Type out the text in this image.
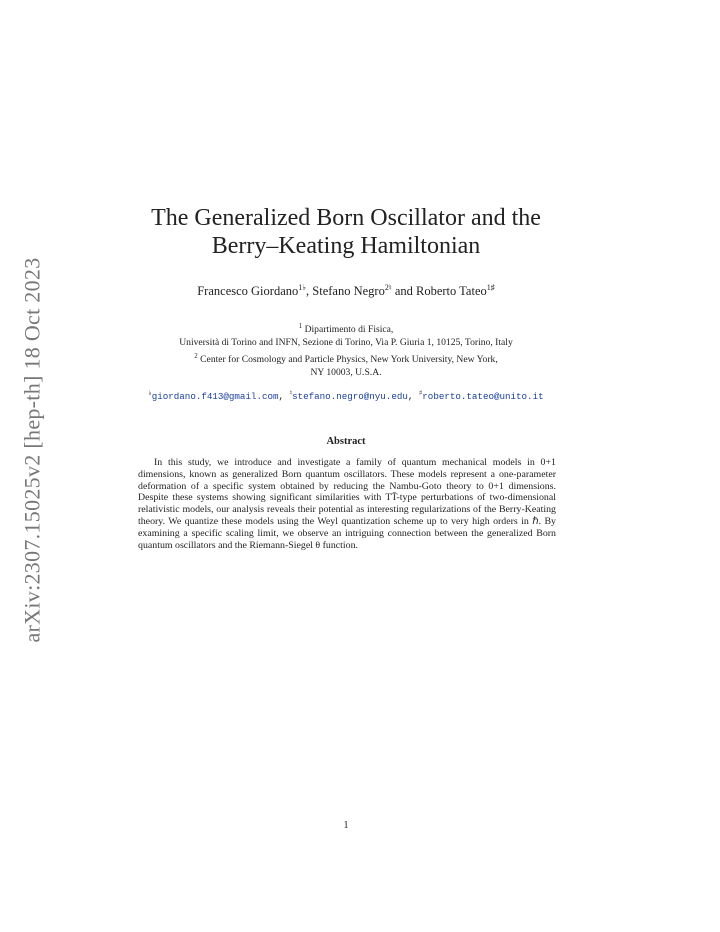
arXiv:2307.15025v2 [hep-th] 18 Oct 2023
The Generalized Born Oscillator and the
Berry–Keating Hamiltonian
Francesco Giordano$^{1♭}$, Stefano Negro$^{2♮}$ and Roberto Tateo$^{1♯}$
$^1$ Dipartimento di Fisica,
Università di Torino and INFN, Sezione di Torino, Via P. Giuria 1, 10125, Torino, Italy
$^2$ Center for Cosmology and Particle Physics, New York University, New York,
NY 10003, U.S.A.
♭giordano.f413@gmail.com, ♮stefano.negro@nyu.edu, ♯roberto.tateo@unito.it
Abstract

In this study, we introduce and investigate a family of quantum mechanical models in 0+1 dimensions, known as generalized Born quantum oscillators. These models represent a one-parameter deformation of a specific system obtained by reducing the Nambu-Goto theory to 0+1 dimensions. Despite these systems showing significant similarities with TT̄-type perturbations of two-dimensional relativistic models, our analysis reveals their potential as interesting regularizations of the Berry-Keating theory. We quantize these models using the Weyl quantization scheme up to very high orders in ℏ. By examining a specific scaling limit, we observe an intriguing connection between the generalized Born quantum oscillators and the Riemann-Siegel θ function.

1
